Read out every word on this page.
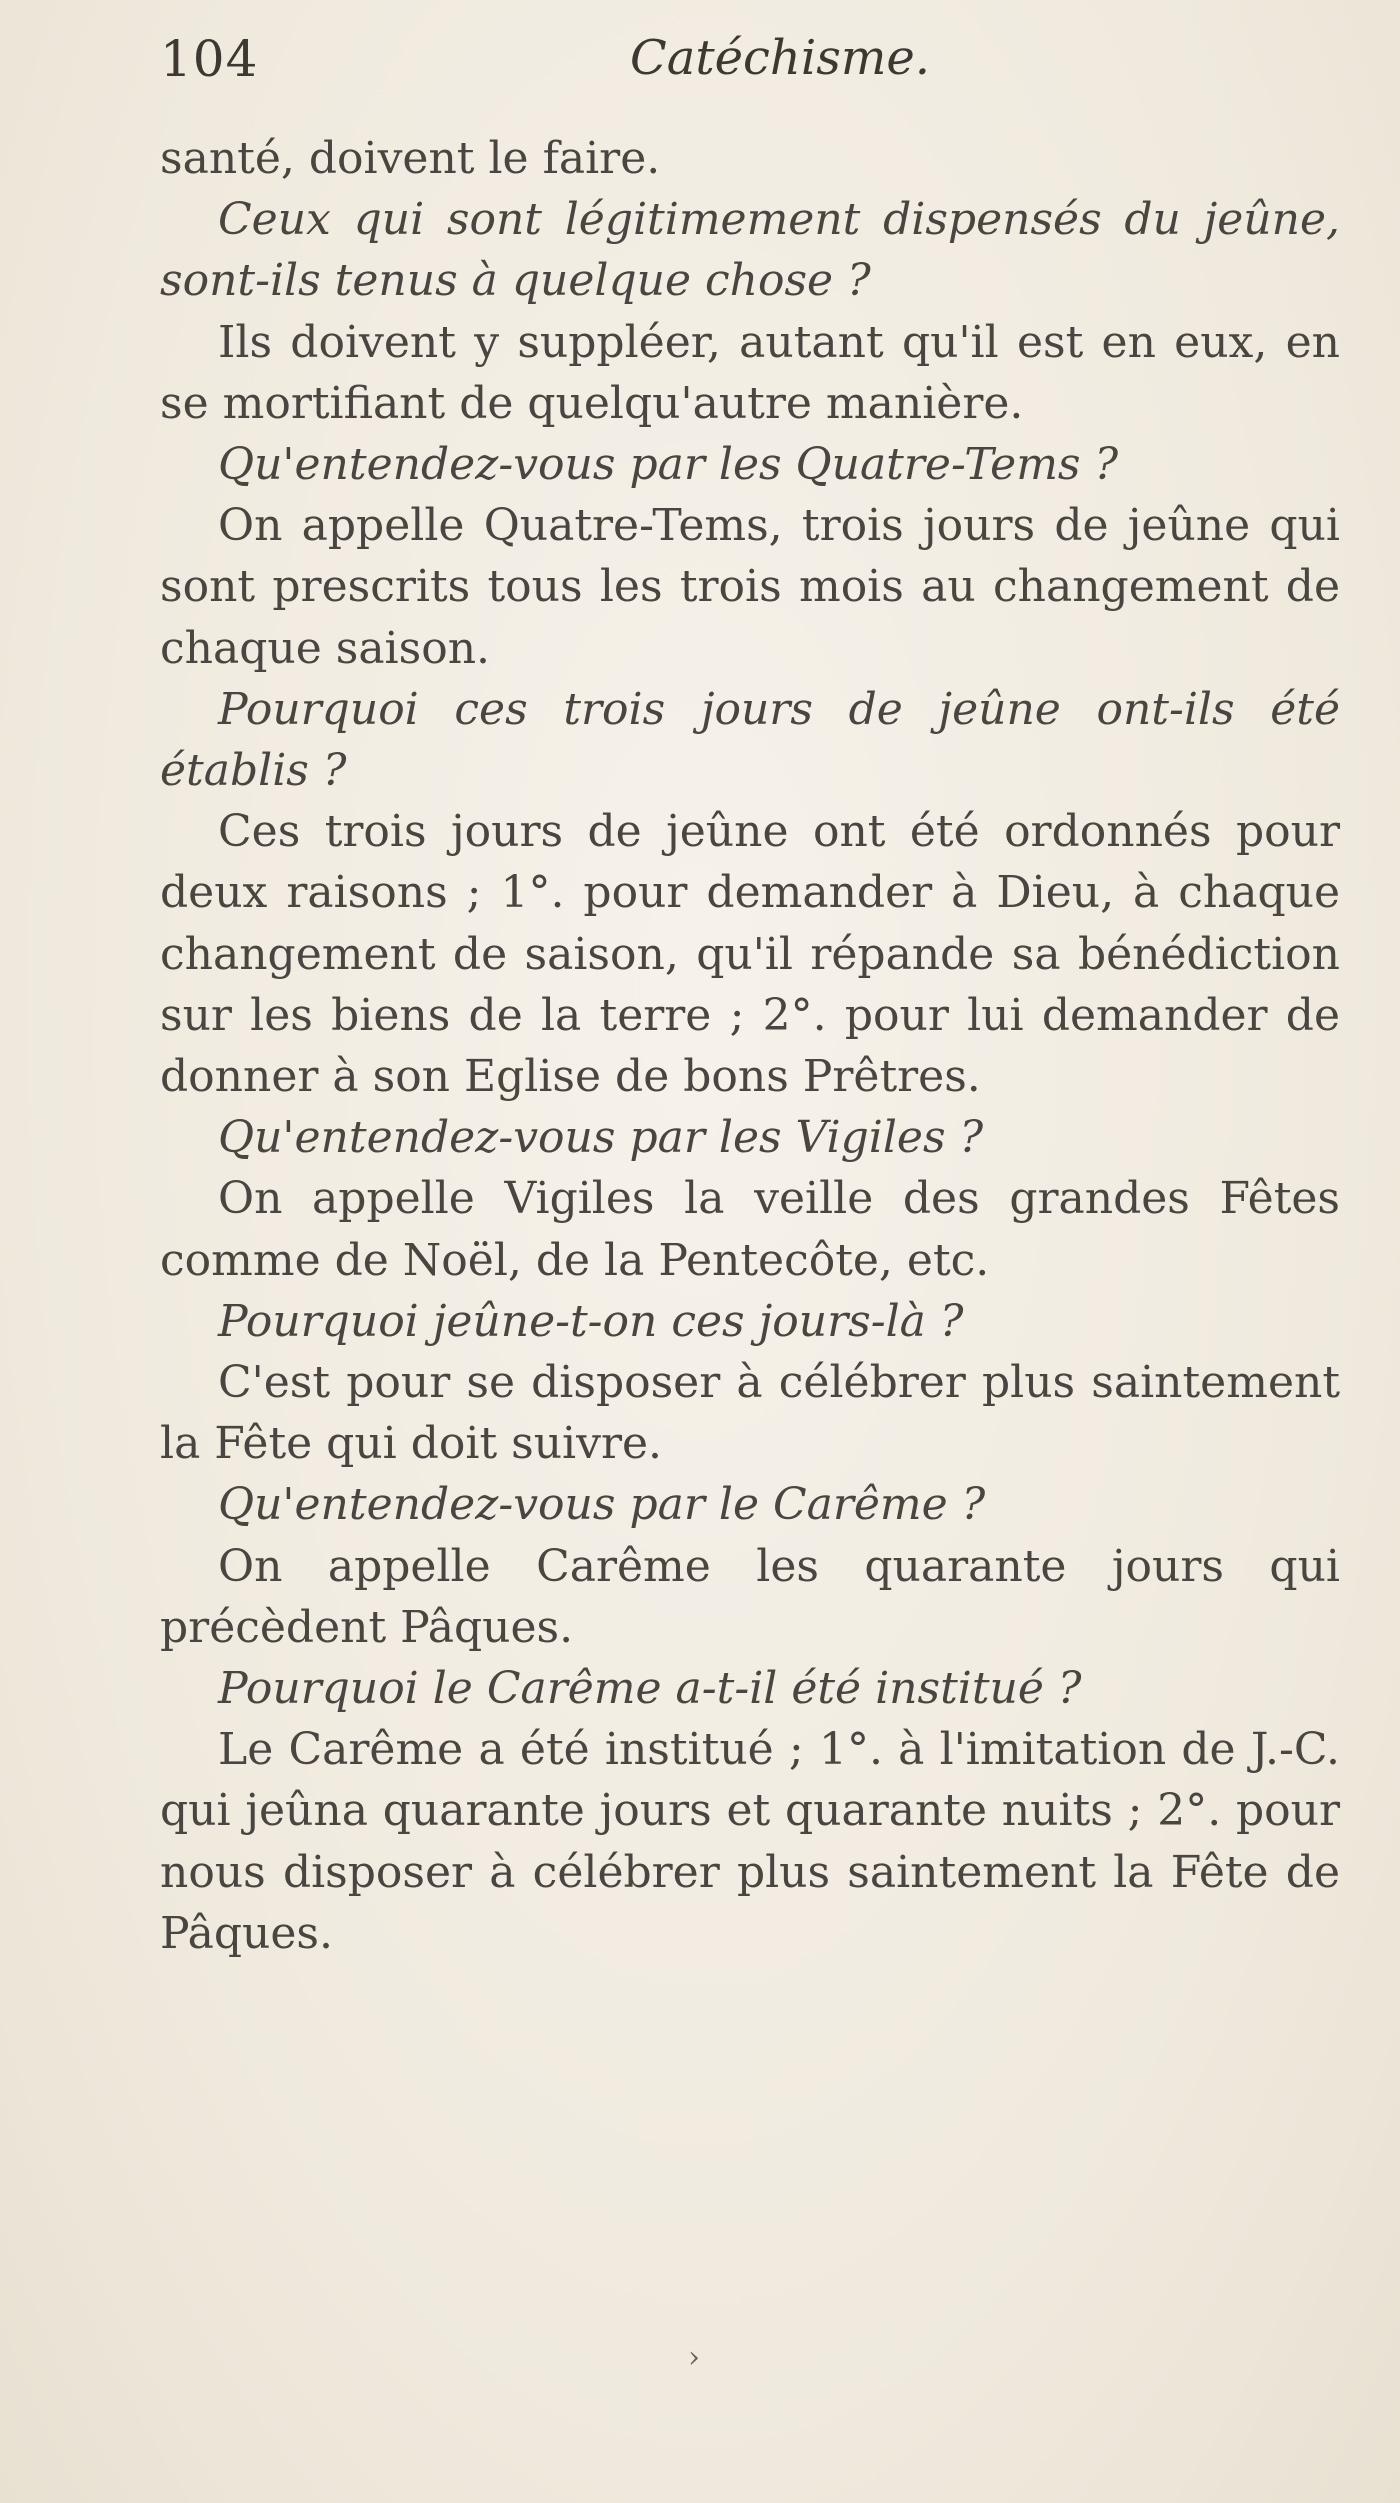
104	Catéchisme.

santé, doivent le faire.

Ceux qui sont légitimement dispensés du jeûne, sont-ils tenus à quelque chose ?

Ils doivent y suppléer, autant qu'il est en eux, en se mortifiant de quelqu'autre manière.

Qu'entendez-vous par les Quatre-Tems ?

On appelle Quatre-Tems, trois jours de jeûne qui sont prescrits tous les trois mois au changement de chaque saison.

Pourquoi ces trois jours de jeûne ont-ils été établis ?

Ces trois jours de jeûne ont été ordonnés pour deux raisons ; 1°. pour demander à Dieu, à chaque changement de saison, qu'il répande sa bénédiction sur les biens de la terre ; 2°. pour lui demander de donner à son Eglise de bons Prêtres.

Qu'entendez-vous par les Vigiles ?

On appelle Vigiles la veille des grandes Fêtes comme de Noël, de la Pentecôte, etc.

Pourquoi jeûne-t-on ces jours-là ?

C'est pour se disposer à célébrer plus saintement la Fête qui doit suivre.

Qu'entendez-vous par le Carême ?

On appelle Carême les quarante jours qui précèdent Pâques.

Pourquoi le Carême a-t-il été institué ?

Le Carême a été institué ; 1°. à l'imitation de J.-C. qui jeûna quarante jours et quarante nuits ; 2°. pour nous disposer à célébrer plus saintement la Fête de Pâques.

›
